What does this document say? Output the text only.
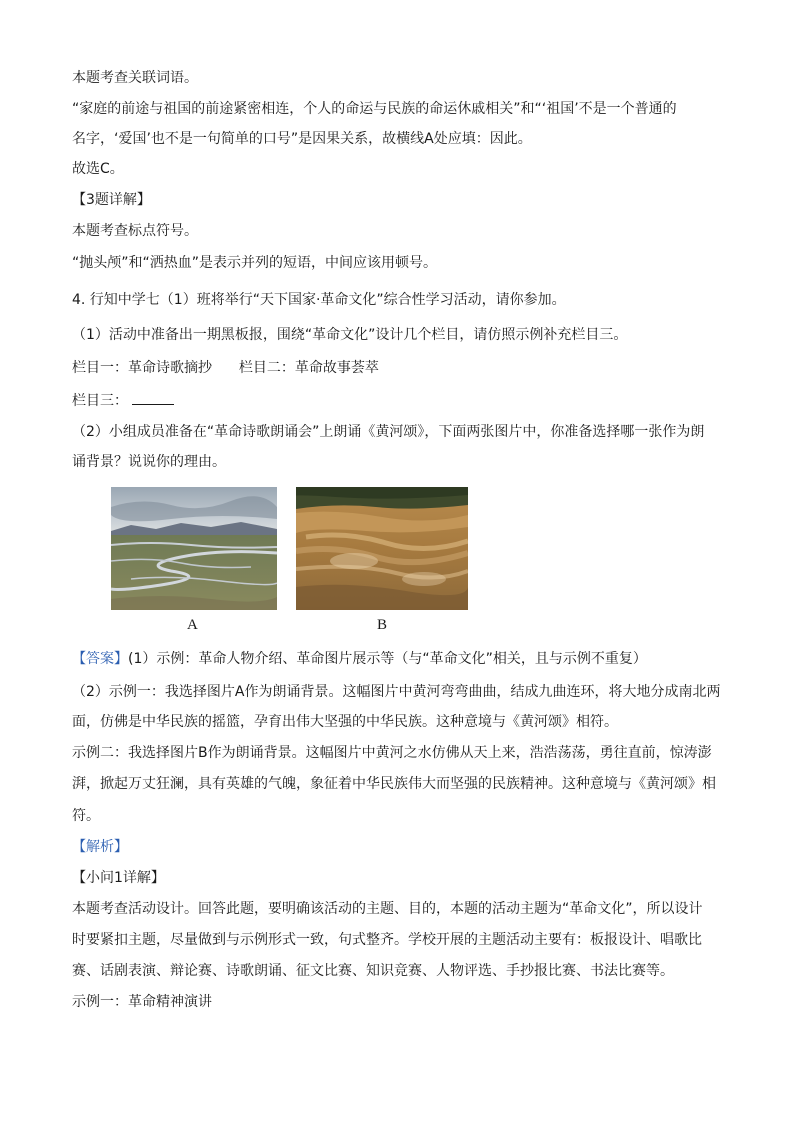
本题考查关联词语。
“家庭的前途与祖国的前途紧密相连，个人的命运与民族的命运休戚相关”和“‘祖国’不是一个普通的
名字，‘爱国’也不是一句简单的口号”是因果关系，故横线A处应填：因此。
故选C。
【3题详解】
本题考查标点符号。
“抛头颅”和“洒热血”是表示并列的短语，中间应该用顿号。
4. 行知中学七（1）班将举行“天下国家·革命文化”综合性学习活动，请你参加。
（1）活动中准备出一期黑板报，围绕“革命文化”设计几个栏目，请仿照示例补充栏目三。
栏目一：革命诗歌摘抄 栏目二：革命故事荟萃
栏目三：
（2）小组成员准备在“革命诗歌朗诵会”上朗诵《黄河颂》，下面两张图片中，你准备选择哪一张作为朗
诵背景？说说你的理由。
A	B
【答案】(1）示例：革命人物介绍、革命图片展示等（与“革命文化”相关，且与示例不重复）
（2）示例一：我选择图片A作为朗诵背景。这幅图片中黄河弯弯曲曲，结成九曲连环，将大地分成南北两
面，仿佛是中华民族的摇篮，孕育出伟大坚强的中华民族。这种意境与《黄河颂》相符。
示例二：我选择图片B作为朗诵背景。这幅图片中黄河之水仿佛从天上来，浩浩荡荡，勇往直前，惊涛澎
湃，掀起万丈狂澜，具有英雄的气魄，象征着中华民族伟大而坚强的民族精神。这种意境与《黄河颂》相
符。
【解析】
【小问1详解】
本题考查活动设计。回答此题，要明确该活动的主题、目的，本题的活动主题为“革命文化”，所以设计
时要紧扣主题，尽量做到与示例形式一致，句式整齐。学校开展的主题活动主要有：板报设计、唱歌比
赛、话剧表演、辩论赛、诗歌朗诵、征文比赛、知识竞赛、人物评选、手抄报比赛、书法比赛等。
示例一：革命精神演讲
